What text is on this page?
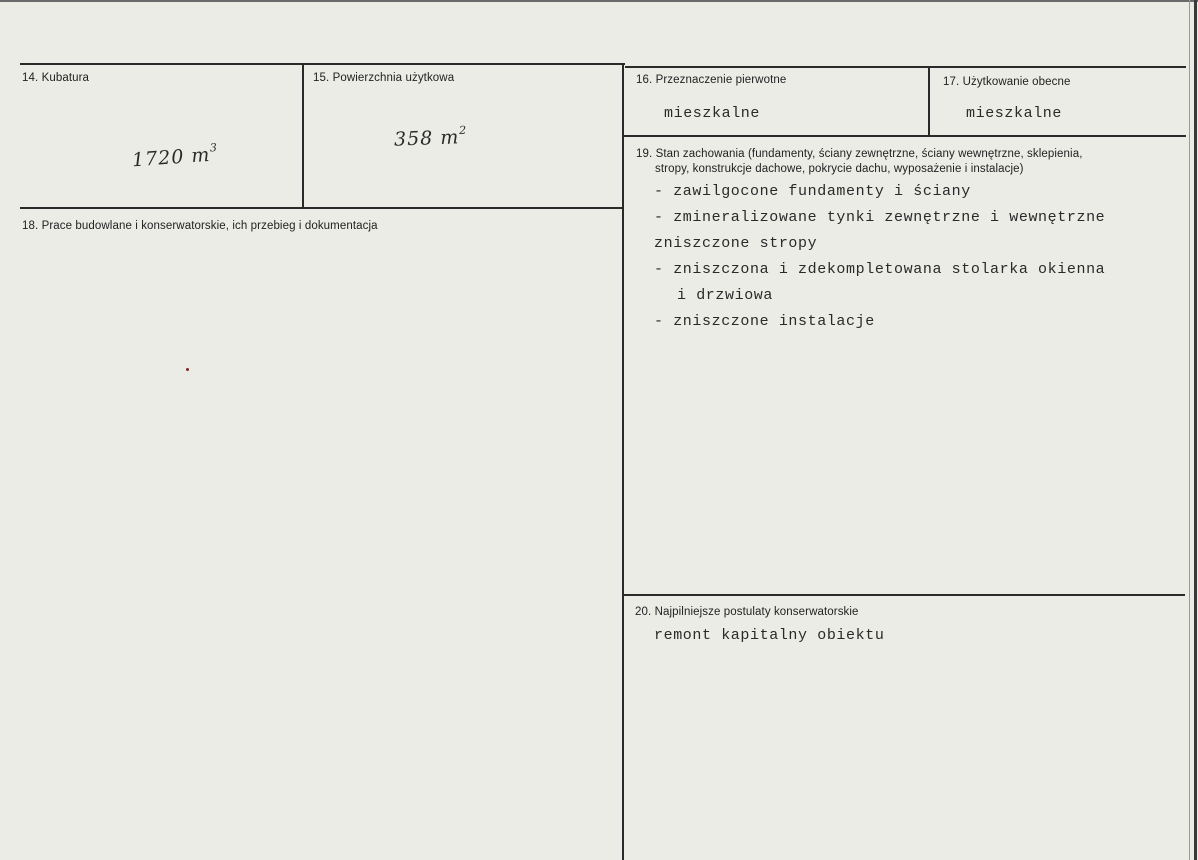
14. Kubatura
1720 $m^3$
15. Powierzchnia użytkowa
358 $m^2$
16. Przeznaczenie pierwotne
mieszkalne
17. Użytkowanie obecne
mieszkalne
18. Prace budowlane i konserwatorskie, ich przebieg i dokumentacja
19. Stan zachowania (fundamenty, ściany zewnętrzne, ściany wewnętrzne, sklepienia,
stropy, konstrukcje dachowe, pokrycie dachu, wyposażenie i instalacje)
- zawilgocone fundamenty i ściany
- zmineralizowane tynki zewnętrzne i wewnętrzne
zniszczone stropy
- zniszczona i zdekompletowana stolarka okienna
i drzwiowa
- zniszczone instalacje
20. Najpilniejsze postulaty konserwatorskie
remont kapitalny obiektu
